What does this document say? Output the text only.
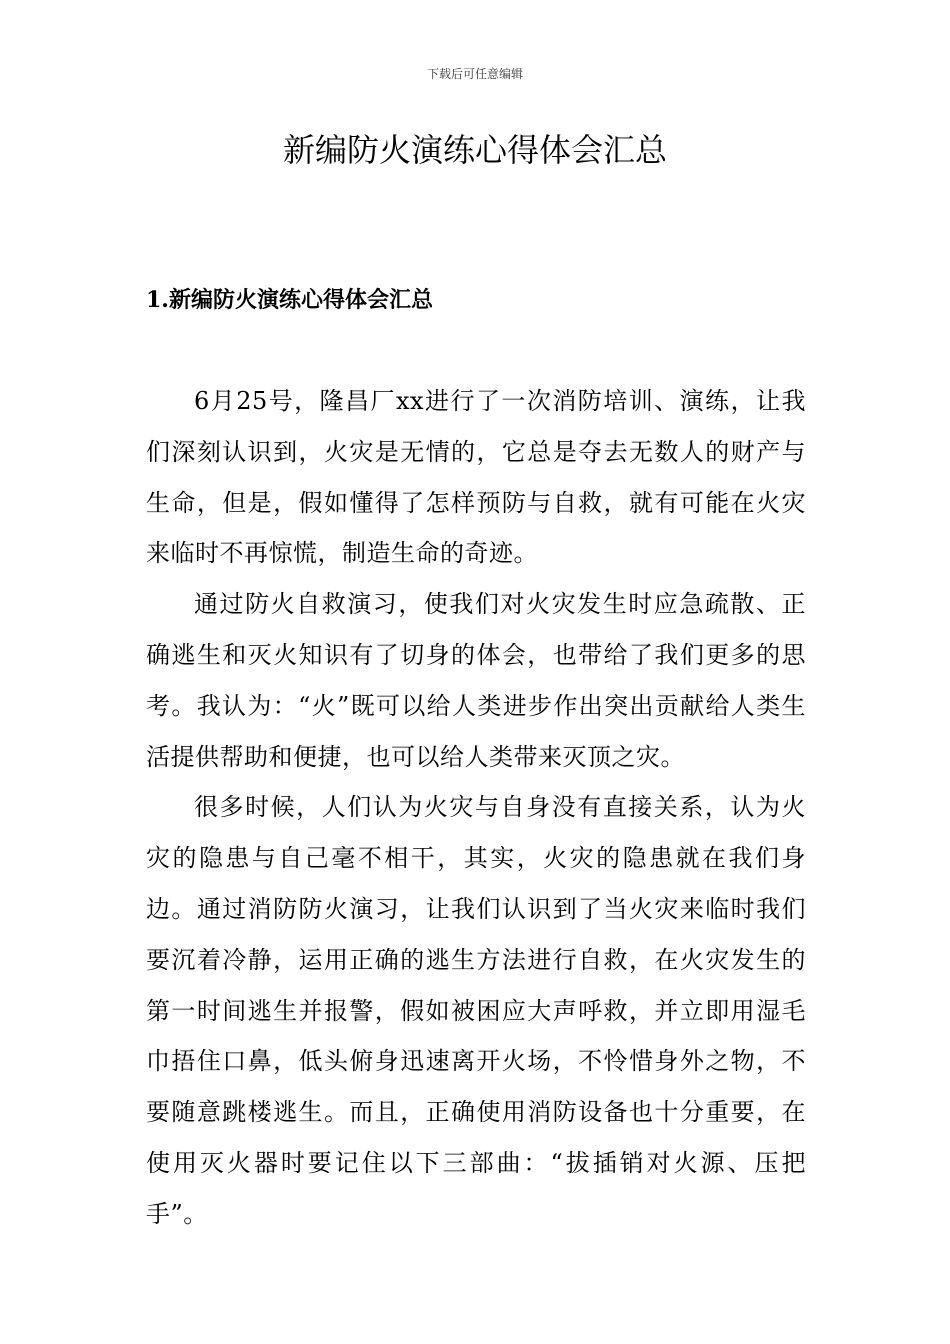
下载后可任意编辑
新编防火演练心得体会汇总
1.新编防火演练心得体会汇总

6月25号，隆昌厂xx进行了一次消防培训、演练，让我们深刻认识到，火灾是无情的，它总是夺去无数人的财产与生命，但是，假如懂得了怎样预防与自救，就有可能在火灾来临时不再惊慌，制造生命的奇迹。

通过防火自救演习，使我们对火灾发生时应急疏散、正确逃生和灭火知识有了切身的体会，也带给了我们更多的思考。我认为：“火”既可以给人类进步作出突出贡献给人类生活提供帮助和便捷，也可以给人类带来灭顶之灾。

很多时候，人们认为火灾与自身没有直接关系，认为火灾的隐患与自己毫不相干，其实，火灾的隐患就在我们身边。通过消防防火演习，让我们认识到了当火灾来临时我们要沉着冷静，运用正确的逃生方法进行自救，在火灾发生的第一时间逃生并报警，假如被困应大声呼救，并立即用湿毛巾捂住口鼻，低头俯身迅速离开火场，不怜惜身外之物，不要随意跳楼逃生。而且，正确使用消防设备也十分重要，在使用灭火器时要记住以下三部曲：“拔插销对火源、压把手”。
